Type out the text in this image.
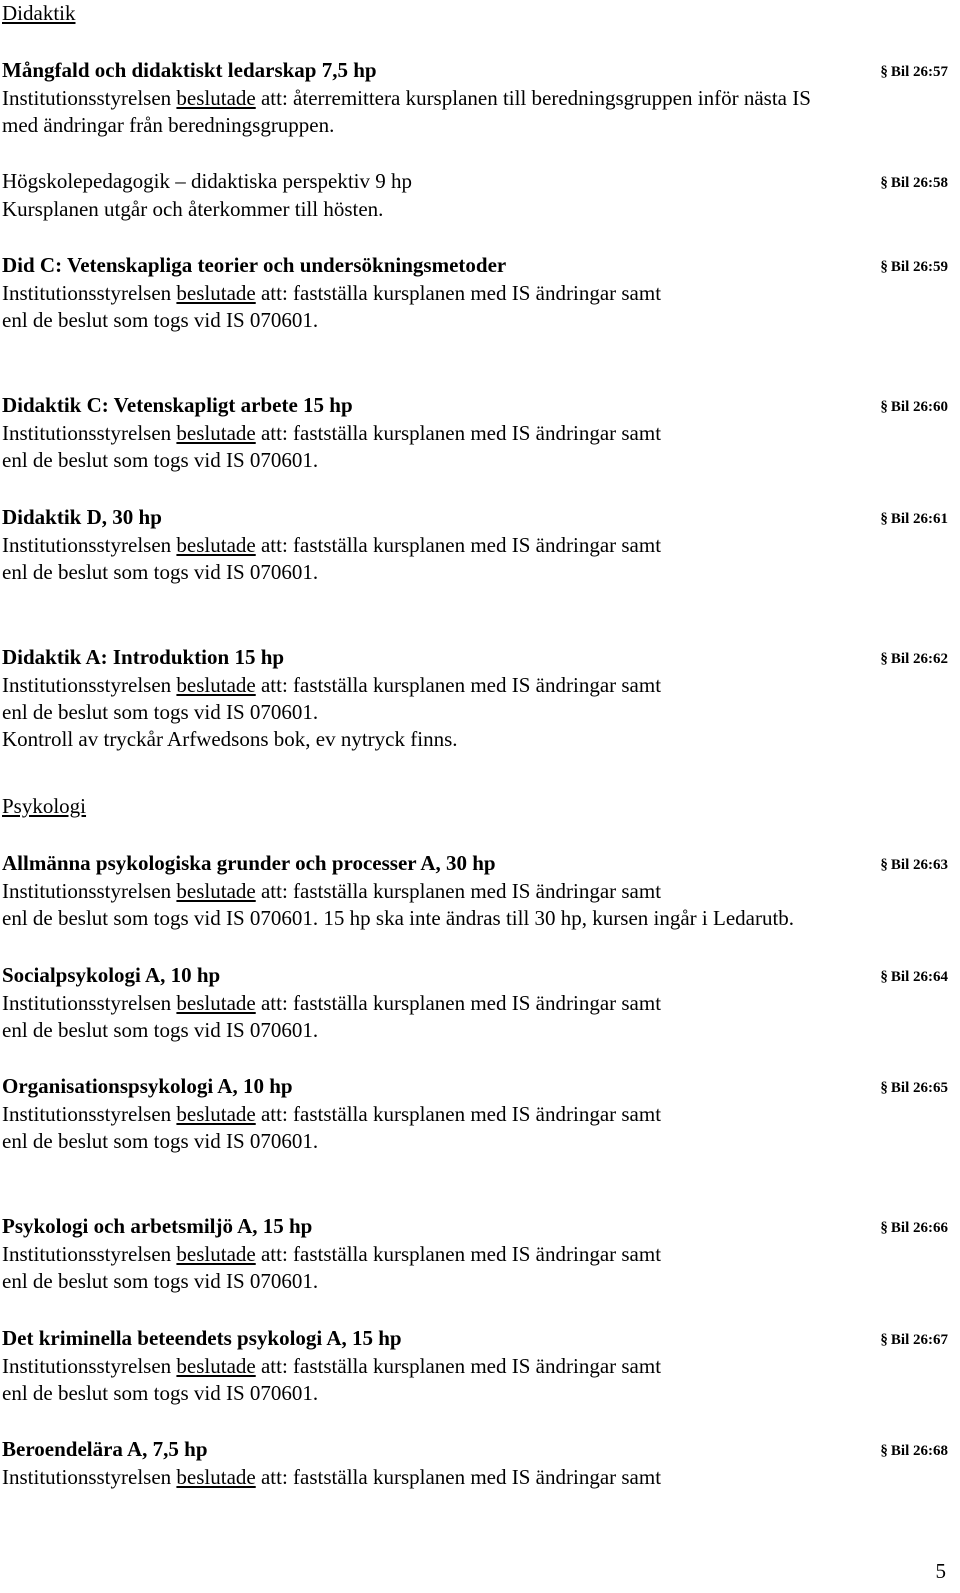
Didaktik
Mångfald och didaktiskt ledarskap 7,5 hp	§ Bil 26:57
Institutionsstyrelsen beslutade att: återremittera kursplanen till beredningsgruppen inför nästa IS
med ändringar från beredningsgruppen.
Högskolepedagogik – didaktiska perspektiv 9 hp	§ Bil 26:58
Kursplanen utgår och återkommer till hösten.
Did C: Vetenskapliga teorier och undersökningsmetoder	§ Bil 26:59
Institutionsstyrelsen beslutade att: fastställa kursplanen med IS ändringar samt
enl de beslut som togs vid IS 070601.
Didaktik C: Vetenskapligt arbete 15 hp	§ Bil 26:60
Institutionsstyrelsen beslutade att: fastställa kursplanen med IS ändringar samt
enl de beslut som togs vid IS 070601.
Didaktik D, 30 hp	§ Bil 26:61
Institutionsstyrelsen beslutade att: fastställa kursplanen med IS ändringar samt
enl de beslut som togs vid IS 070601.
Didaktik A: Introduktion 15 hp	§ Bil 26:62
Institutionsstyrelsen beslutade att: fastställa kursplanen med IS ändringar samt
enl de beslut som togs vid IS 070601.
Kontroll av tryckår Arfwedsons bok, ev nytryck finns.
Psykologi
Allmänna psykologiska grunder och processer A, 30 hp	§ Bil 26:63
Institutionsstyrelsen beslutade att: fastställa kursplanen med IS ändringar samt
enl de beslut som togs vid IS 070601. 15 hp ska inte ändras till 30 hp, kursen ingår i Ledarutb.
Socialpsykologi A, 10 hp	§ Bil 26:64
Institutionsstyrelsen beslutade att: fastställa kursplanen med IS ändringar samt
enl de beslut som togs vid IS 070601.
Organisationspsykologi A, 10 hp	§ Bil 26:65
Institutionsstyrelsen beslutade att: fastställa kursplanen med IS ändringar samt
enl de beslut som togs vid IS 070601.
Psykologi och arbetsmiljö A, 15 hp	§ Bil 26:66
Institutionsstyrelsen beslutade att: fastställa kursplanen med IS ändringar samt
enl de beslut som togs vid IS 070601.
Det kriminella beteendets psykologi A, 15 hp	§ Bil 26:67
Institutionsstyrelsen beslutade att: fastställa kursplanen med IS ändringar samt
enl de beslut som togs vid IS 070601.
Beroendelära A, 7,5 hp	§ Bil 26:68
Institutionsstyrelsen beslutade att: fastställa kursplanen med IS ändringar samt
5
